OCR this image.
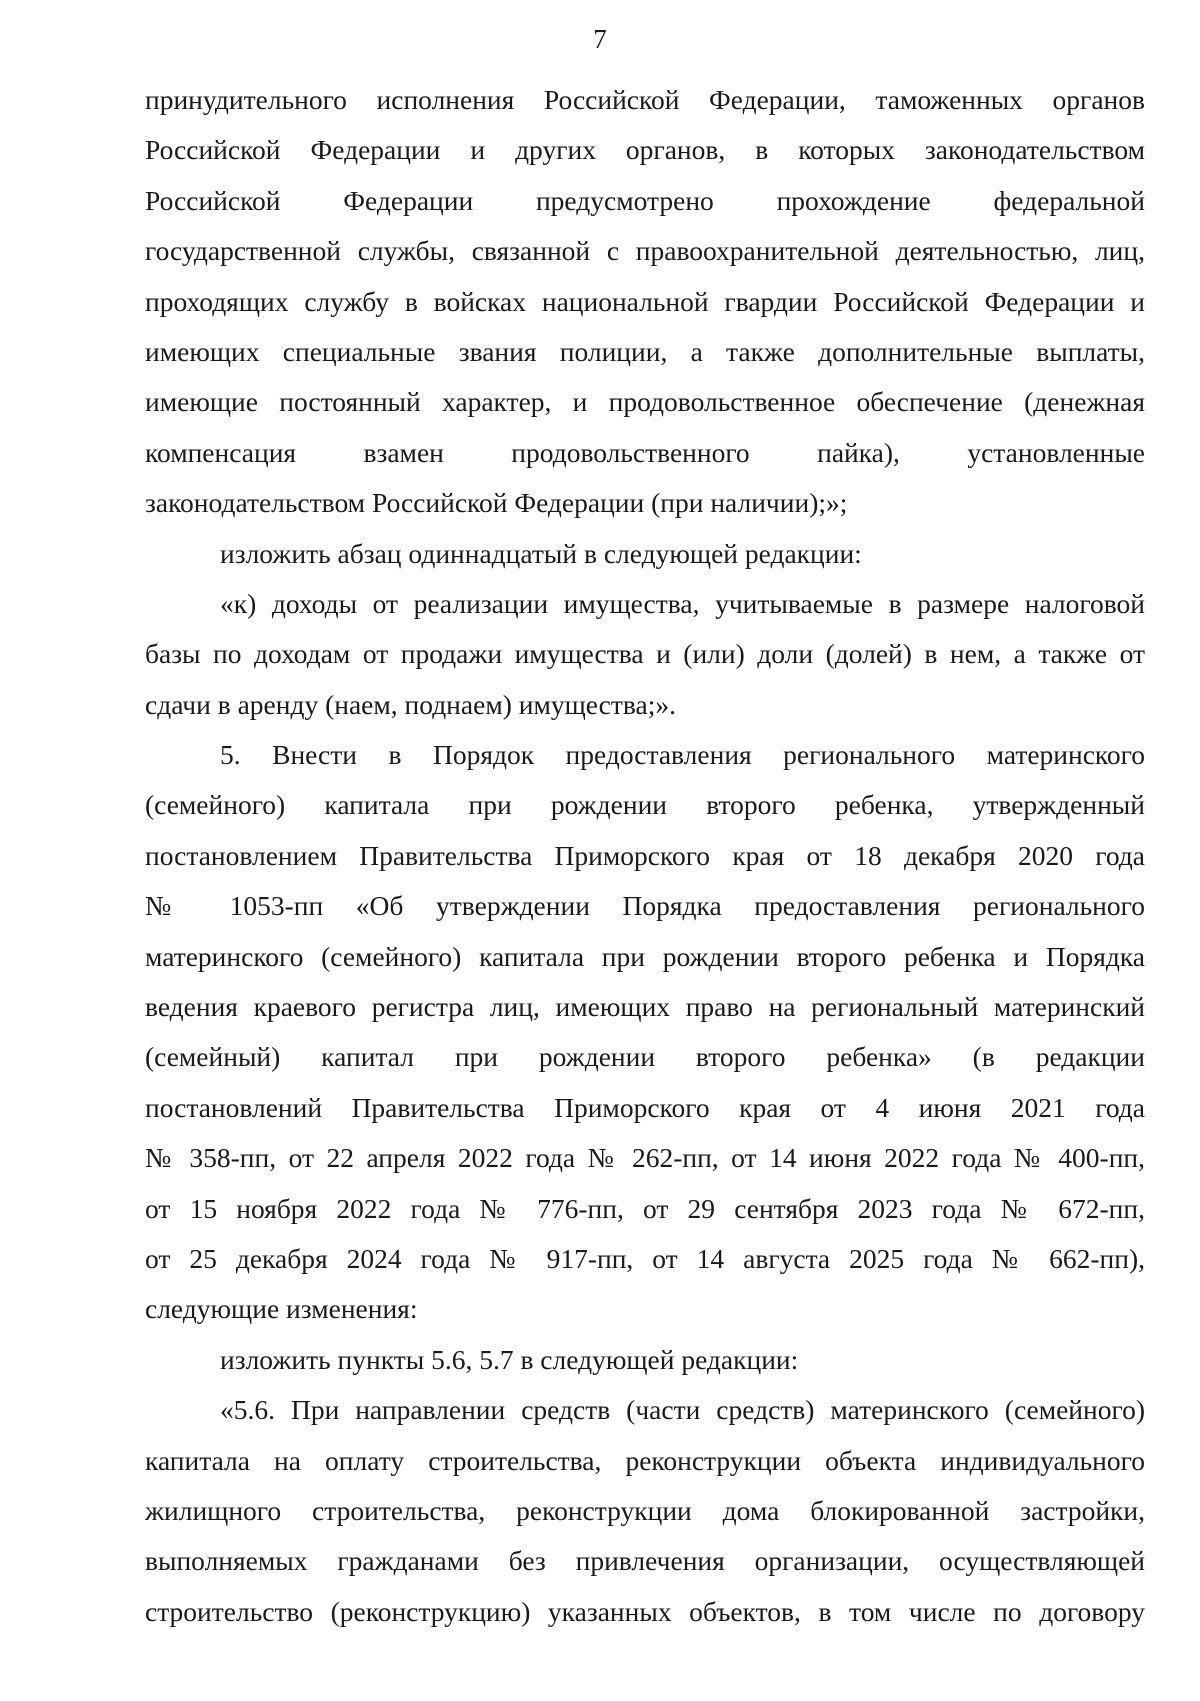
7
принудительного исполнения Российской Федерации, таможенных органов
Российской Федерации и других органов, в которых законодательством
Российской Федерации предусмотрено прохождение федеральной
государственной службы, связанной с правоохранительной деятельностью, лиц,
проходящих службу в войсках национальной гвардии Российской Федерации и
имеющих специальные звания полиции, а также дополнительные выплаты,
имеющие постоянный характер, и продовольственное обеспечение (денежная
компенсация взамен продовольственного пайка), установленные
законодательством Российской Федерации (при наличии);»;
изложить абзац одиннадцатый в следующей редакции:
«к) доходы от реализации имущества, учитываемые в размере налоговой
базы по доходам от продажи имущества и (или) доли (долей) в нем, а также от
сдачи в аренду (наем, поднаем) имущества;».
5. Внести в Порядок предоставления регионального материнского
(семейного) капитала при рождении второго ребенка, утвержденный
постановлением Правительства Приморского края от 18 декабря 2020 года
№ 1053-пп «Об утверждении Порядка предоставления регионального
материнского (семейного) капитала при рождении второго ребенка и Порядка
ведения краевого регистра лиц, имеющих право на региональный материнский
(семейный) капитал при рождении второго ребенка» (в редакции
постановлений Правительства Приморского края от 4 июня 2021 года
№ 358-пп, от 22 апреля 2022 года № 262-пп, от 14 июня 2022 года № 400-пп,
от 15 ноября 2022 года № 776-пп, от 29 сентября 2023 года № 672-пп,
от 25 декабря 2024 года № 917-пп, от 14 августа 2025 года № 662-пп),
следующие изменения:
изложить пункты 5.6, 5.7 в следующей редакции:
«5.6. При направлении средств (части средств) материнского (семейного)
капитала на оплату строительства, реконструкции объекта индивидуального
жилищного строительства, реконструкции дома блокированной застройки,
выполняемых гражданами без привлечения организации, осуществляющей
строительство (реконструкцию) указанных объектов, в том числе по договору
